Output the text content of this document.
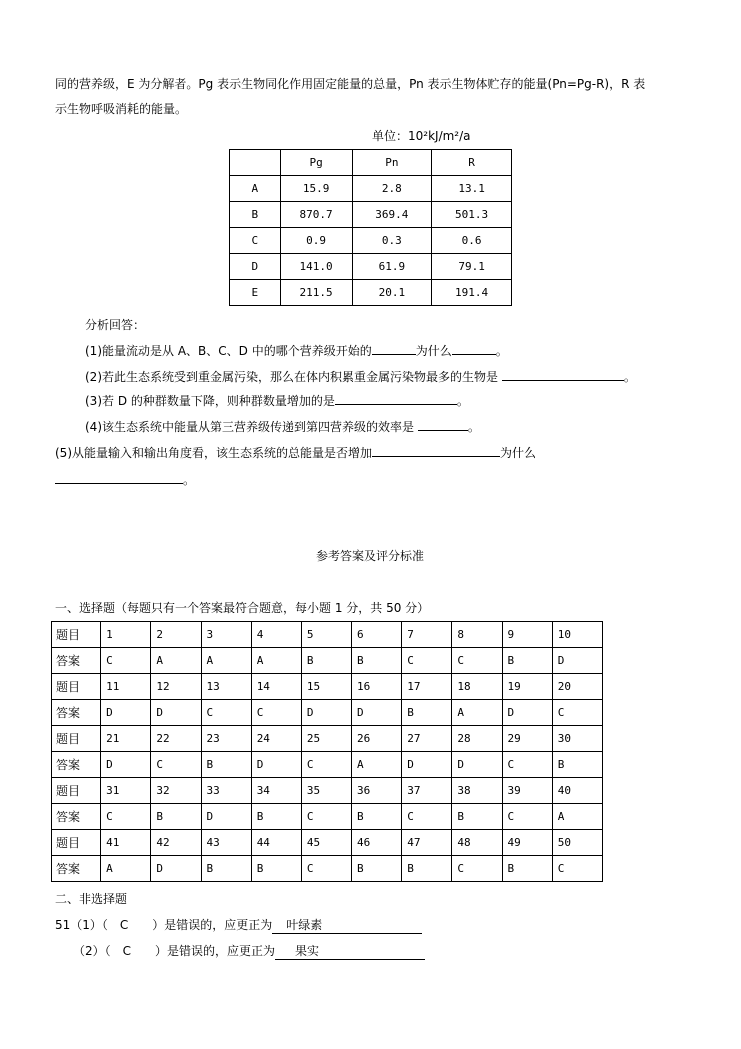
同的营养级，E 为分解者。Pg 表示生物同化作用固定能量的总量，Pn 表示生物体贮存的能量(Pn=Pg-R)，R 表
示生物呼吸消耗的能量。
单位：10²kJ/m²/a
	Pg	Pn	R
A	15.9	2.8	13.1
B	870.7	369.4	501.3
C	0.9	0.3	0.6
D	141.0	61.9	79.1
E	211.5	20.1	191.4
分析回答：
(1)能量流动是从 A、B、C、D 中的哪个营养级开始的	为什么	。
(2)若此生态系统受到重金属污染，那么在体内积累重金属污染物最多的生物是	。
(3)若 D 的种群数量下降，则种群数量增加的是	。
(4)该生态系统中能量从第三营养级传递到第四营养级的效率是	。
(5)从能量输入和输出角度看，该生态系统的总能量是否增加	为什么
。
参考答案及评分标准
一、选择题（每题只有一个答案最符合题意，每小题 1 分，共 50 分）
题目	1	2	3	4	5	6	7	8	9	10
答案	C	A	A	A	B	B	C	C	B	D
题目	11	12	13	14	15	16	17	18	19	20
答案	D	D	C	C	D	D	B	A	D	C
题目	21	22	23	24	25	26	27	28	29	30
答案	D	C	B	D	C	A	D	D	C	B
题目	31	32	33	34	35	36	37	38	39	40
答案	C	B	D	B	C	B	C	B	C	A
题目	41	42	43	44	45	46	47	48	49	50
答案	A	D	B	B	C	B	B	C	B	C
二、非选择题
51（1）（　C　　）是错误的，应更正为 叶绿素
（2）（　C　　）是错误的，应更正为 果实
